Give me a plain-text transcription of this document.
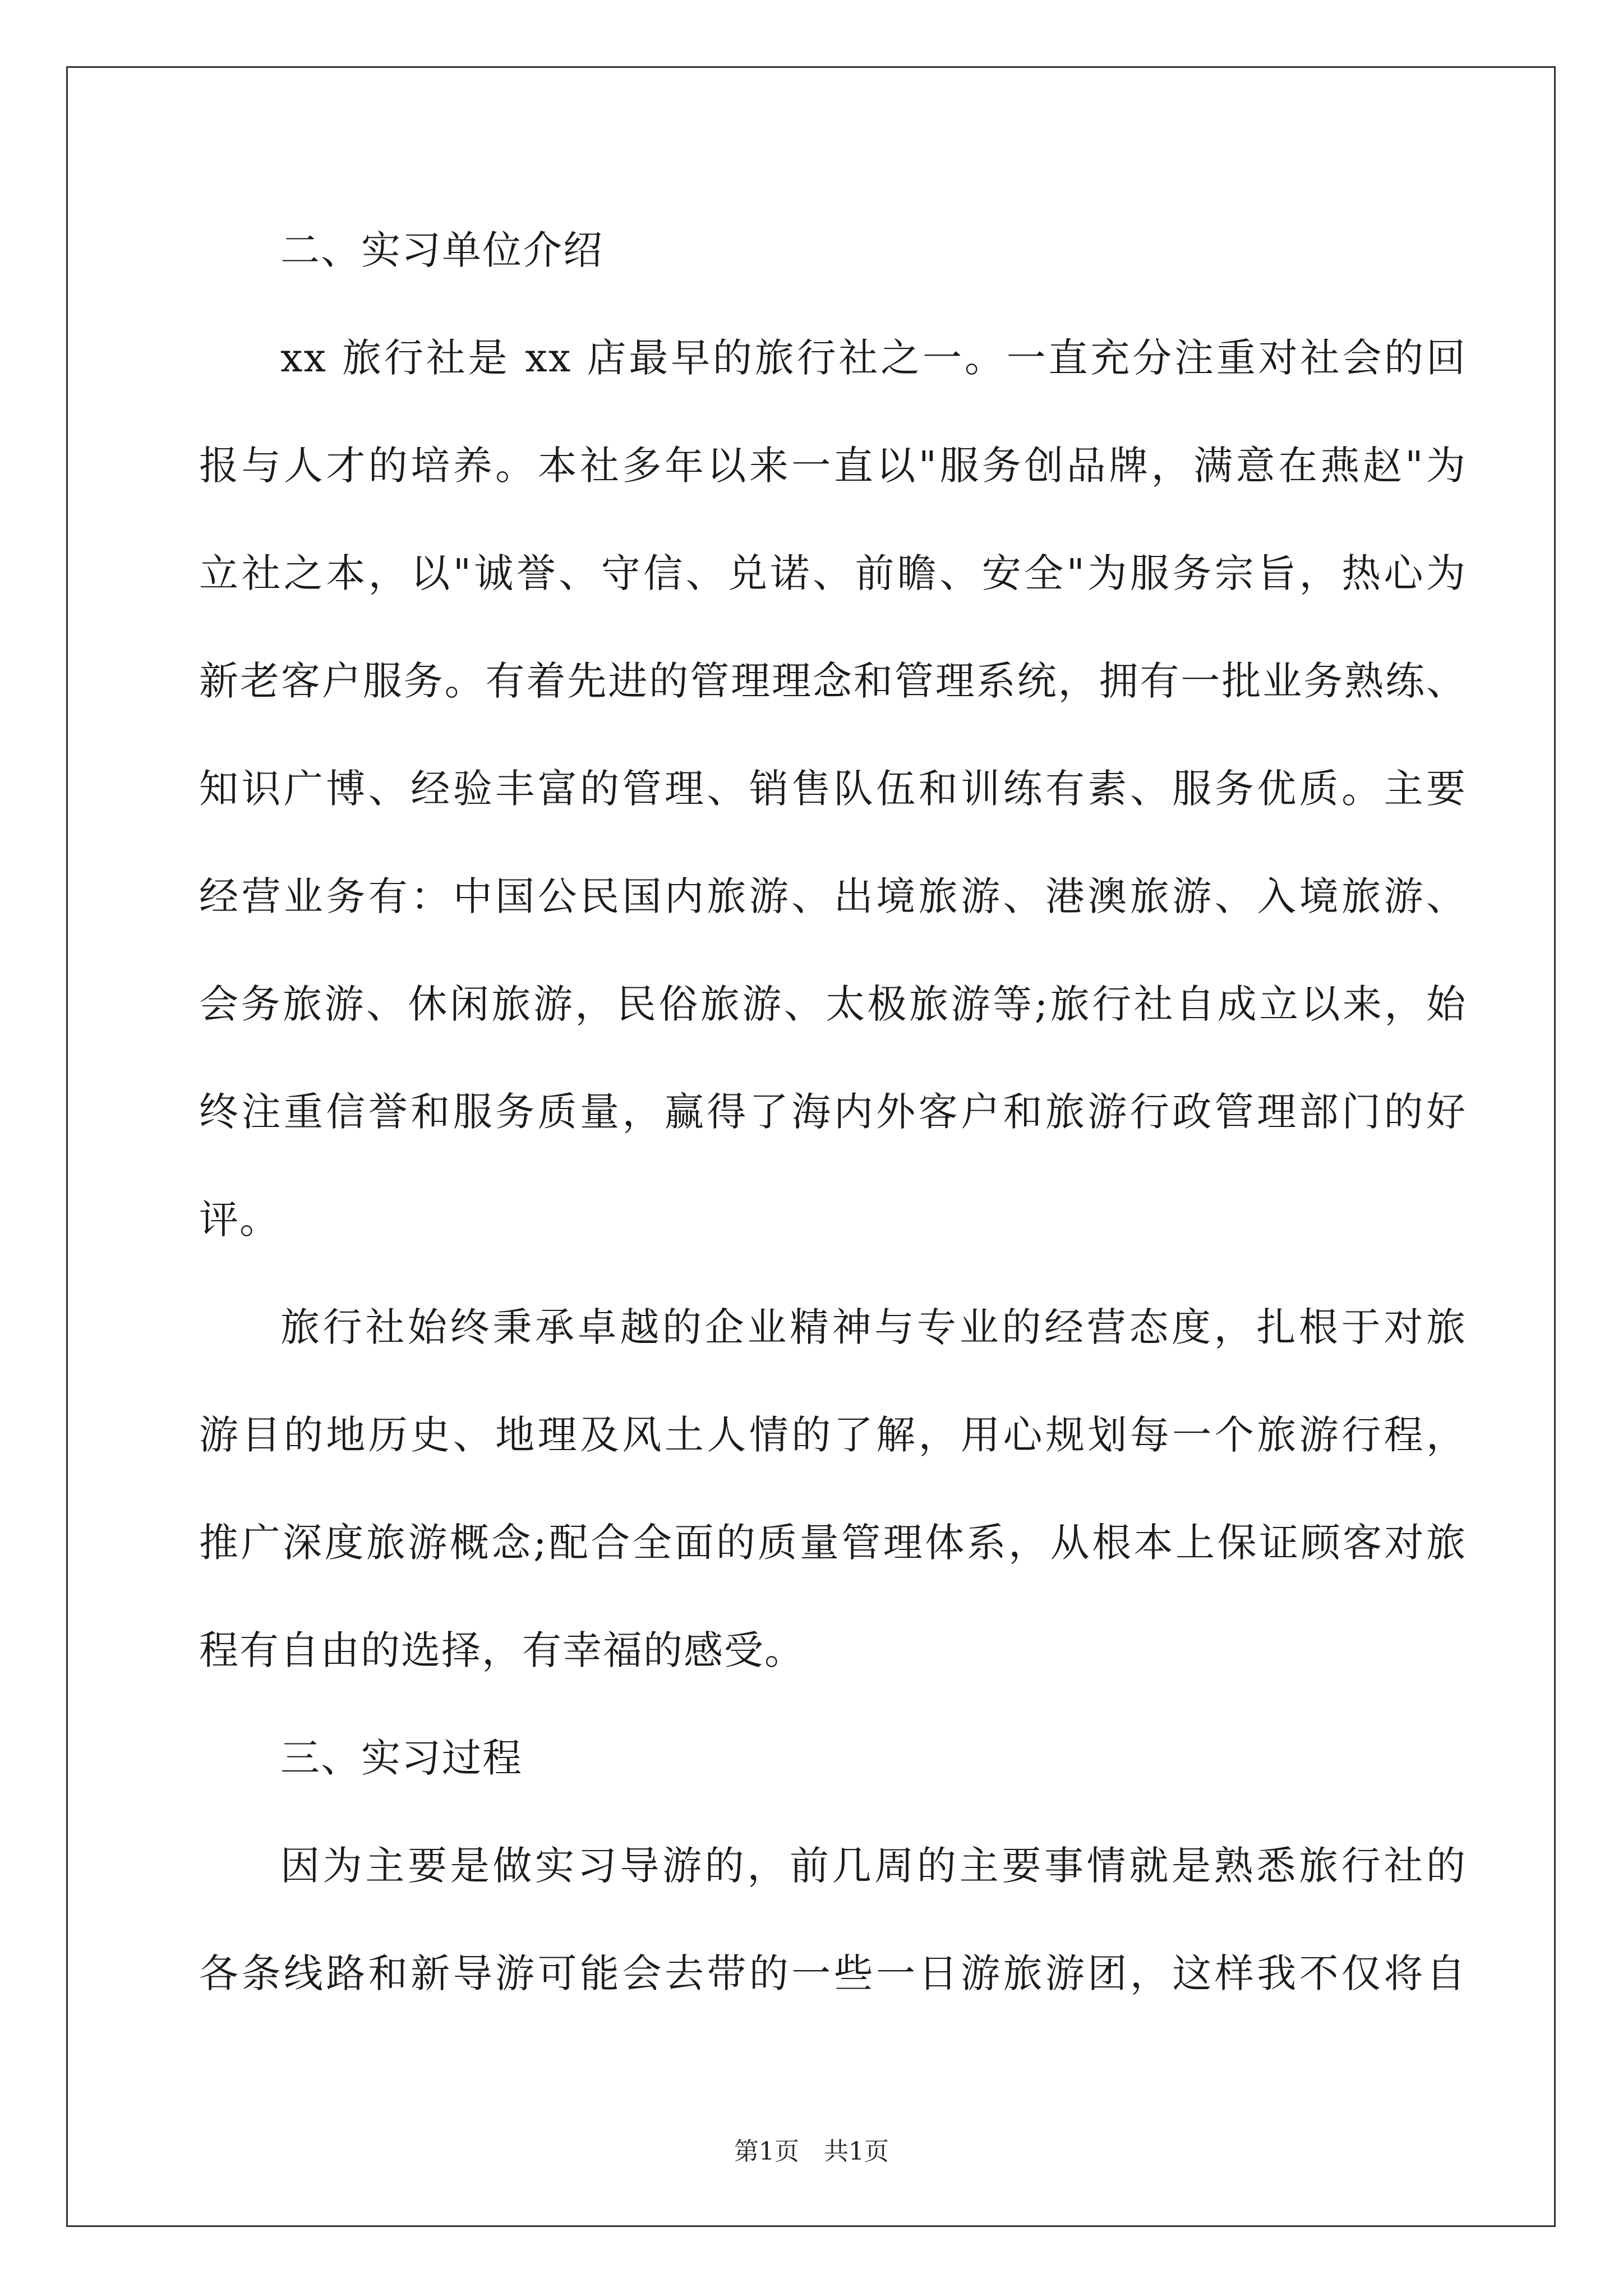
二、实习单位介绍
xx 旅行社是 xx 店最早的旅行社之一。一直充分注重对社会的回
报与人才的培养。本社多年以来一直以"服务创品牌，满意在燕赵"为
立社之本，以"诚誉、守信、兑诺、前瞻、安全"为服务宗旨，热心为
新老客户服务。有着先进的管理理念和管理系统，拥有一批业务熟练、
知识广博、经验丰富的管理、销售队伍和训练有素、服务优质。主要
经营业务有：中国公民国内旅游、出境旅游、港澳旅游、入境旅游、
会务旅游、休闲旅游，民俗旅游、太极旅游等;旅行社自成立以来，始
终注重信誉和服务质量，赢得了海内外客户和旅游行政管理部门的好
评。
旅行社始终秉承卓越的企业精神与专业的经营态度，扎根于对旅
游目的地历史、地理及风土人情的了解，用心规划每一个旅游行程，
推广深度旅游概念;配合全面的质量管理体系，从根本上保证顾客对旅
程有自由的选择，有幸福的感受。
三、实习过程
因为主要是做实习导游的，前几周的主要事情就是熟悉旅行社的
各条线路和新导游可能会去带的一些一日游旅游团，这样我不仅将自
第1页　共1页
